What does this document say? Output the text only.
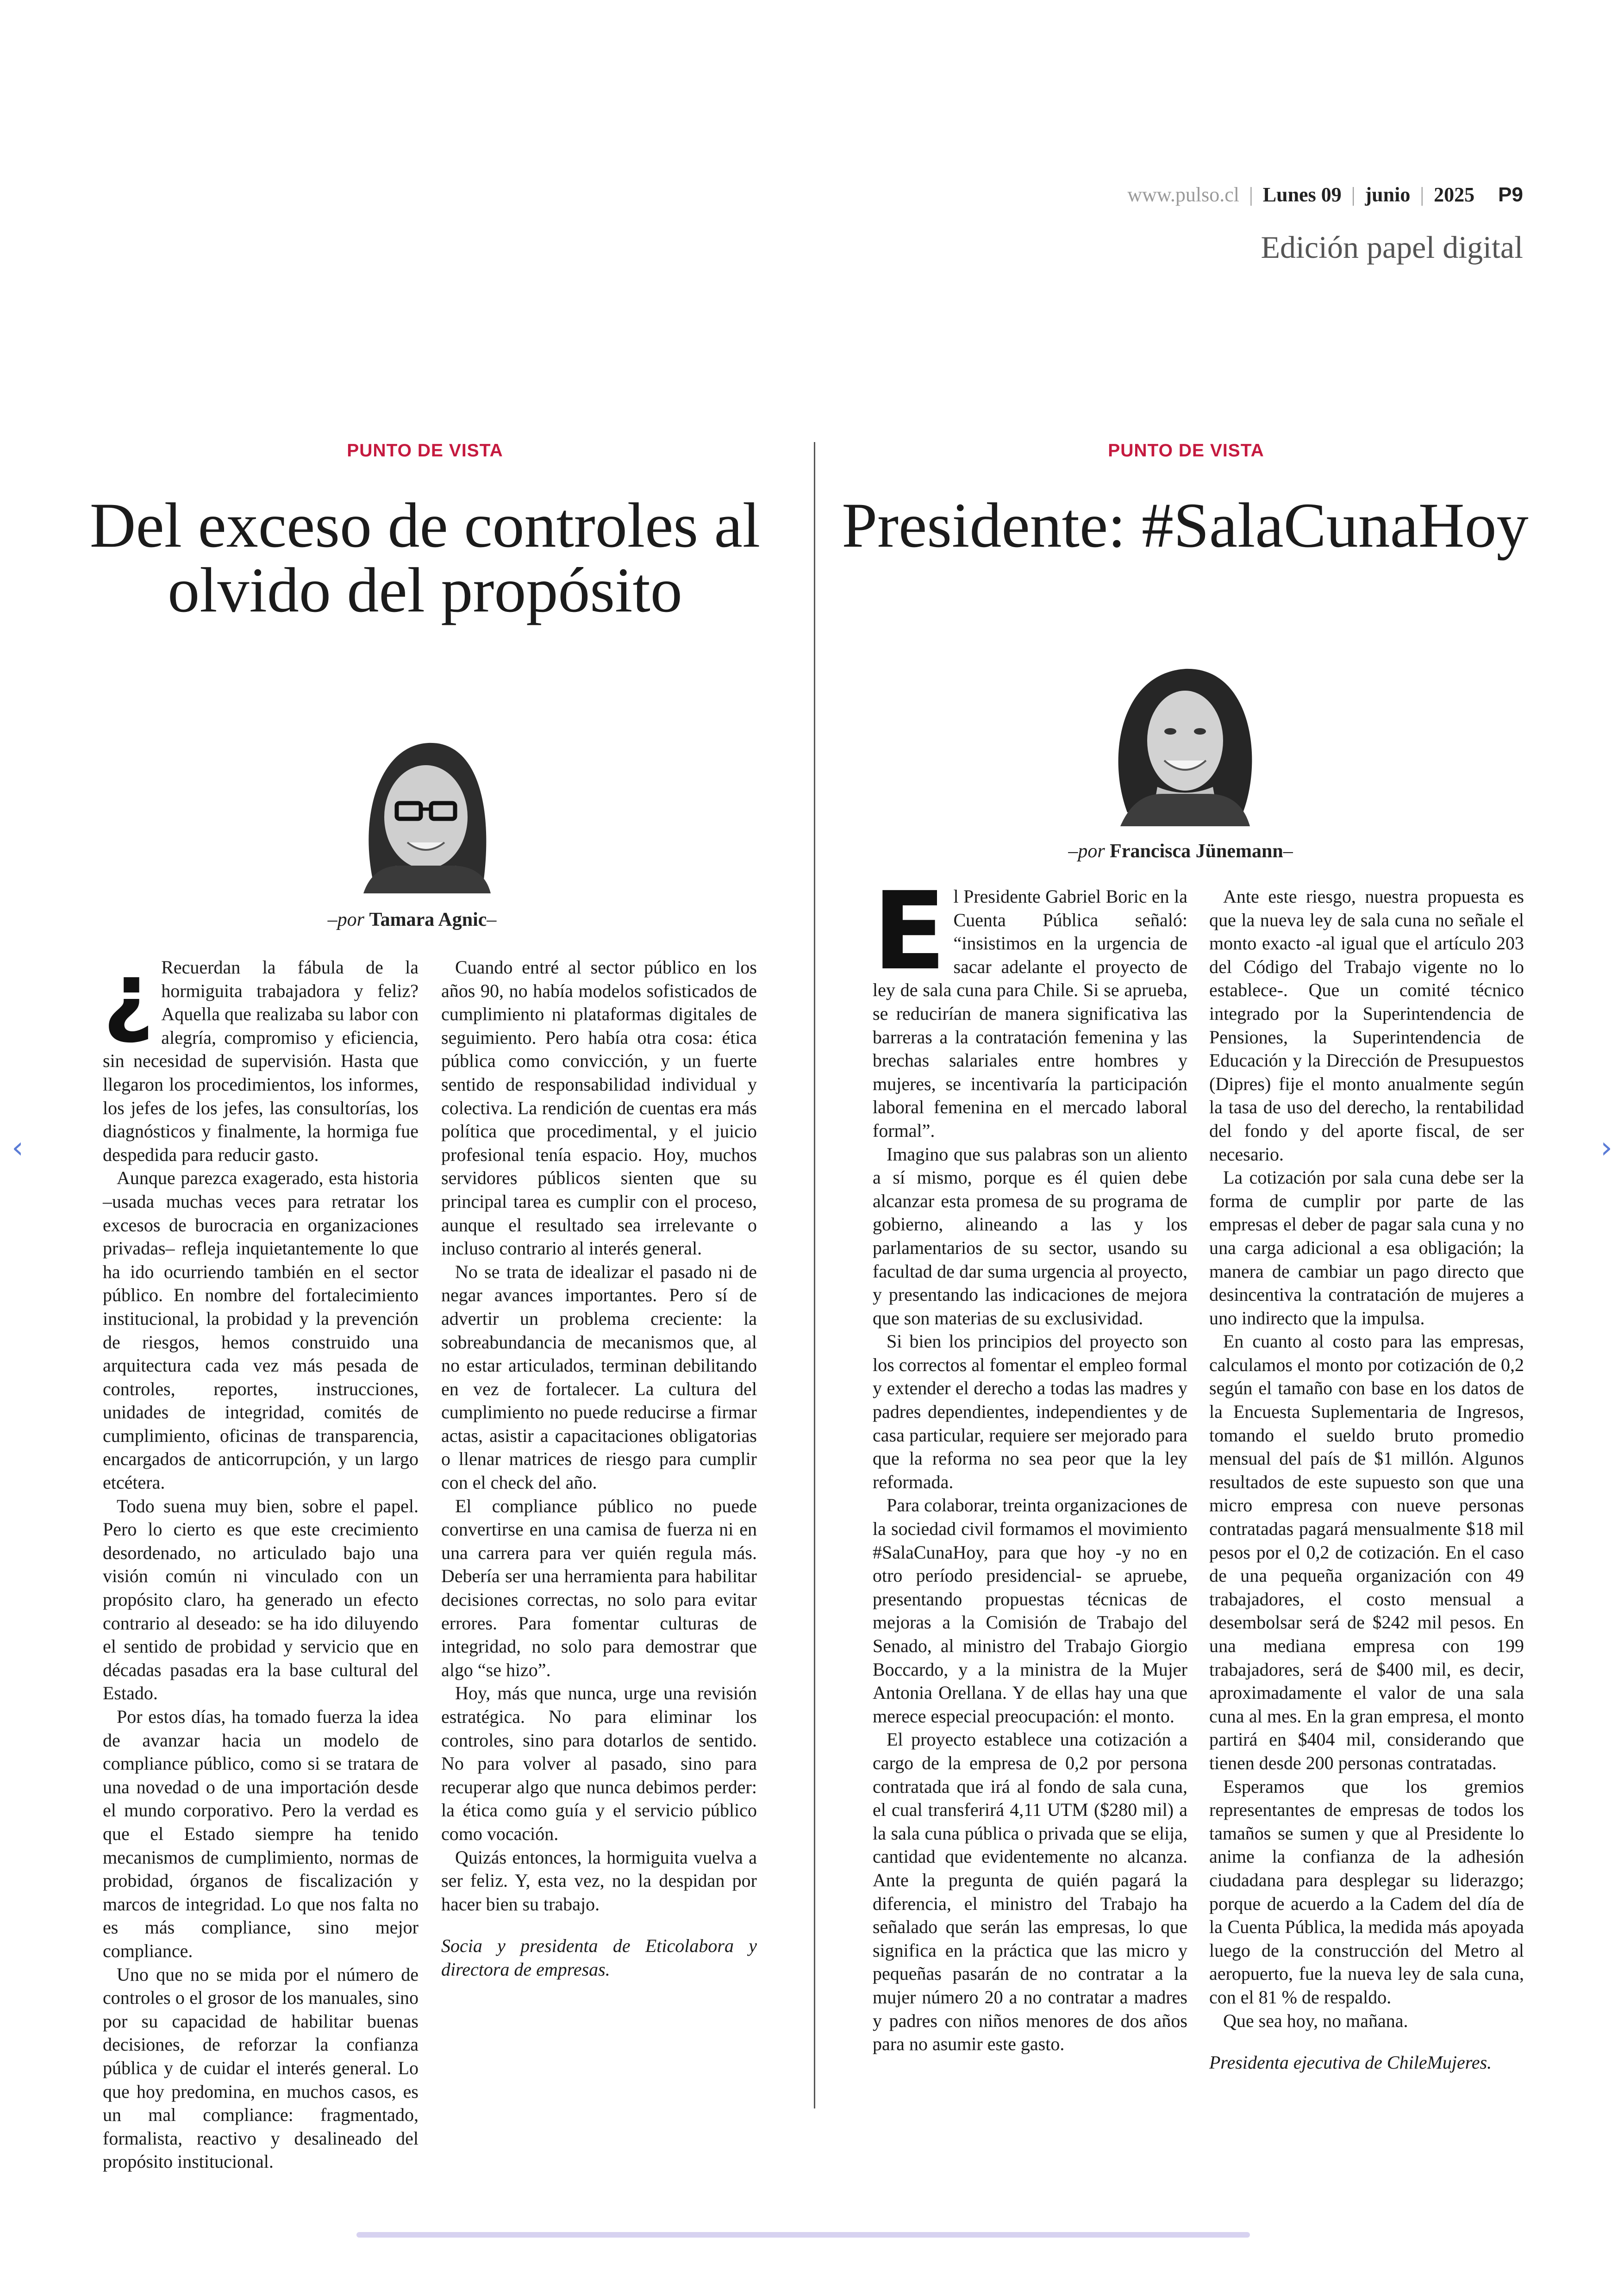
www.pulso.cl | Lunes 09 | junio | 2025 P9
Edición papel digital
‹	›
PUNTO DE VISTA
Del exceso de controles al olvido del propósito
–por Tamara Agnic–

¿ Recuerdan la fábula de la hormiguita trabajadora y feliz? Aquella que realizaba su labor con alegría, compromiso y eficiencia, sin necesidad de supervisión. Hasta que llegaron los procedimientos, los informes, los jefes de los jefes, las consultorías, los diagnósticos y finalmente, la hormiga fue despedida para reducir gasto.

Aunque parezca exagerado, esta historia –usada muchas veces para retratar los excesos de burocracia en organizaciones privadas– refleja inquietantemente lo que ha ido ocurriendo también en el sector público. En nombre del fortalecimiento institucional, la probidad y la prevención de riesgos, hemos construido una arquitectura cada vez más pesada de controles, reportes, instrucciones, unidades de integridad, comités de cumplimiento, oficinas de transparencia, encargados de anticorrupción, y un largo etcétera.

Todo suena muy bien, sobre el papel. Pero lo cierto es que este crecimiento desordenado, no articulado bajo una visión común ni vinculado con un propósito claro, ha generado un efecto contrario al deseado: se ha ido diluyendo el sentido de probidad y servicio que en décadas pasadas era la base cultural del Estado.

Por estos días, ha tomado fuerza la idea de avanzar hacia un modelo de compliance público, como si se tratara de una novedad o de una importación desde el mundo corporativo. Pero la verdad es que el Estado siempre ha tenido mecanismos de cumplimiento, normas de probidad, órganos de fiscalización y marcos de integridad. Lo que nos falta no es más compliance, sino mejor compliance.

Uno que no se mida por el número de controles o el grosor de los manuales, sino por su capacidad de habilitar buenas decisiones, de reforzar la confianza pública y de cuidar el interés general. Lo que hoy predomina, en muchos casos, es un mal compliance: fragmentado, formalista, reactivo y desalineado del propósito institucional.

Cuando entré al sector público en los años 90, no había modelos sofisticados de cumplimiento ni plataformas digitales de seguimiento. Pero había otra cosa: ética pública como convicción, y un fuerte sentido de responsabilidad individual y colectiva. La rendición de cuentas era más política que procedimental, y el juicio profesional tenía espacio. Hoy, muchos servidores públicos sienten que su principal tarea es cumplir con el proceso, aunque el resultado sea irrelevante o incluso contrario al interés general.

No se trata de idealizar el pasado ni de negar avances importantes. Pero sí de advertir un problema creciente: la sobreabundancia de mecanismos que, al no estar articulados, terminan debilitando en vez de fortalecer. La cultura del cumplimiento no puede reducirse a firmar actas, asistir a capacitaciones obligatorias o llenar matrices de riesgo para cumplir con el check del año.

El compliance público no puede convertirse en una camisa de fuerza ni en una carrera para ver quién regula más. Debería ser una herramienta para habilitar decisiones correctas, no solo para evitar errores. Para fomentar culturas de integridad, no solo para demostrar que algo “se hizo”.

Hoy, más que nunca, urge una revisión estratégica. No para eliminar los controles, sino para dotarlos de sentido. No para volver al pasado, sino para recuperar algo que nunca debimos perder: la ética como guía y el servicio público como vocación.

Quizás entonces, la hormiguita vuelva a ser feliz. Y, esta vez, no la despidan por hacer bien su trabajo.

Socia y presidenta de Eticolabora y directora de empresas.

PUNTO DE VISTA
Presidente: #SalaCunaHoy
–por Francisca Jünemann–

El Presidente Gabriel Boric en la Cuenta Pública señaló: “insistimos en la urgencia de sacar adelante el proyecto de ley de sala cuna para Chile. Si se aprueba, se reducirían de manera significativa las barreras a la contratación femenina y las brechas salariales entre hombres y mujeres, se incentivaría la participación laboral femenina en el mercado laboral formal”.

Imagino que sus palabras son un aliento a sí mismo, porque es él quien debe alcanzar esta promesa de su programa de gobierno, alineando a las y los parlamentarios de su sector, usando su facultad de dar suma urgencia al proyecto, y presentando las indicaciones de mejora que son materias de su exclusividad.

Si bien los principios del proyecto son los correctos al fomentar el empleo formal y extender el derecho a todas las madres y padres dependientes, independientes y de casa particular, requiere ser mejorado para que la reforma no sea peor que la ley reformada.

Para colaborar, treinta organizaciones de la sociedad civil formamos el movimiento #SalaCunaHoy, para que hoy -y no en otro período presidencial- se apruebe, presentando propuestas técnicas de mejoras a la Comisión de Trabajo del Senado, al ministro del Trabajo Giorgio Boccardo, y a la ministra de la Mujer Antonia Orellana. Y de ellas hay una que merece especial preocupación: el monto.

El proyecto establece una cotización a cargo de la empresa de 0,2 por persona contratada que irá al fondo de sala cuna, el cual transferirá 4,11 UTM ($280 mil) a la sala cuna pública o privada que se elija, cantidad que evidentemente no alcanza. Ante la pregunta de quién pagará la diferencia, el ministro del Trabajo ha señalado que serán las empresas, lo que significa en la práctica que las micro y pequeñas pasarán de no contratar a la mujer número 20 a no contratar a madres y padres con niños menores de dos años para no asumir este gasto.

Ante este riesgo, nuestra propuesta es que la nueva ley de sala cuna no señale el monto exacto -al igual que el artículo 203 del Código del Trabajo vigente no lo establece-. Que un comité técnico integrado por la Superintendencia de Pensiones, la Superintendencia de Educación y la Dirección de Presupuestos (Dipres) fije el monto anualmente según la tasa de uso del derecho, la rentabilidad del fondo y del aporte fiscal, de ser necesario.

La cotización por sala cuna debe ser la forma de cumplir por parte de las empresas el deber de pagar sala cuna y no una carga adicional a esa obligación; la manera de cambiar un pago directo que desincentiva la contratación de mujeres a uno indirecto que la impulsa.

En cuanto al costo para las empresas, calculamos el monto por cotización de 0,2 según el tamaño con base en los datos de la Encuesta Suplementaria de Ingresos, tomando el sueldo bruto promedio mensual del país de $1 millón. Algunos resultados de este supuesto son que una micro empresa con nueve personas contratadas pagará mensualmente $18 mil pesos por el 0,2 de cotización. En el caso de una pequeña organización con 49 trabajadores, el costo mensual a desembolsar será de $242 mil pesos. En una mediana empresa con 199 trabajadores, será de $400 mil, es decir, aproximadamente el valor de una sala cuna al mes. En la gran empresa, el monto partirá en $404 mil, considerando que tienen desde 200 personas contratadas.

Esperamos que los gremios representantes de empresas de todos los tamaños se sumen y que al Presidente lo anime la confianza de la adhesión ciudadana para desplegar su liderazgo; porque de acuerdo a la Cadem del día de la Cuenta Pública, la medida más apoyada luego de la construcción del Metro al aeropuerto, fue la nueva ley de sala cuna, con el 81 % de respaldo.

Que sea hoy, no mañana.

Presidenta ejecutiva de ChileMujeres.
